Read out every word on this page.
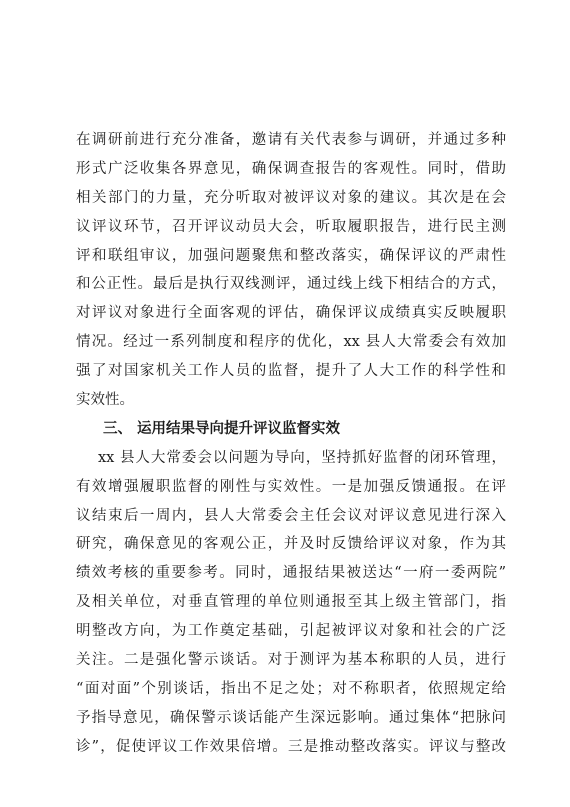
在调研前进行充分准备，邀请有关代表参与调研，并通过多种
形式广泛收集各界意见，确保调查报告的客观性。同时，借助
相关部门的力量，充分听取对被评议对象的建议。其次是在会
议评议环节，召开评议动员大会，听取履职报告，进行民主测
评和联组审议，加强问题聚焦和整改落实，确保评议的严肃性
和公正性。最后是执行双线测评，通过线上线下相结合的方式，
对评议对象进行全面客观的评估，确保评议成绩真实反映履职
情况。经过一系列制度和程序的优化，xx 县人大常委会有效加
强了对国家机关工作人员的监督，提升了人大工作的科学性和
实效性。
三、 运用结果导向提升评议监督实效
xx 县人大常委会以问题为导向，坚持抓好监督的闭环管理，
有效增强履职监督的刚性与实效性。一是加强反馈通报。在评
议结束后一周内，县人大常委会主任会议对评议意见进行深入
研究，确保意见的客观公正，并及时反馈给评议对象，作为其
绩效考核的重要参考。同时，通报结果被送达“一府一委两院”
及相关单位，对垂直管理的单位则通报至其上级主管部门，指
明整改方向，为工作奠定基础，引起被评议对象和社会的广泛
关注。二是强化警示谈话。对于测评为基本称职的人员，进行
“面对面”个别谈话，指出不足之处；对不称职者，依照规定给
予指导意见，确保警示谈话能产生深远影响。通过集体“把脉问
诊”，促使评议工作效果倍增。三是推动整改落实。评议与整改
